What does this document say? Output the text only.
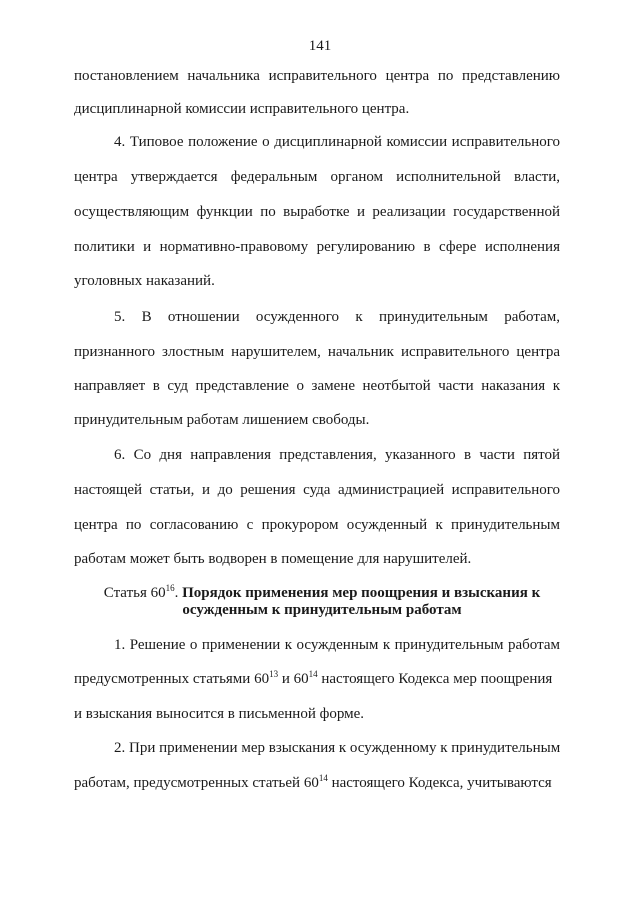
141
постановлением начальника исправительного центра по представлению
дисциплинарной комиссии исправительного центра.
4. Типовое положение о дисциплинарной комиссии исправительного
центра утверждается федеральным органом исполнительной власти,
осуществляющим функции по выработке и реализации государственной
политики и нормативно-правовому регулированию в сфере исполнения
уголовных наказаний.
5. В отношении осужденного к принудительным работам,
признанного злостным нарушителем, начальник исправительного центра
направляет в суд представление о замене неотбытой части наказания к
принудительным работам лишением свободы.
6. Со дня направления представления, указанного в части пятой
настоящей статьи, и до решения суда администрацией исправительного
центра по согласованию с прокурором осужденный к принудительным
работам может быть водворен в помещение для нарушителей.
Статья $60^{16}$. Порядок применения мер поощрения и взыскания к
осужденным к принудительным работам
1. Решение о применении к осужденным к принудительным работам
предусмотренных статьями $60^{13}$ и $60^{14}$ настоящего Кодекса мер поощрения
и взыскания выносится в письменной форме.
2. При применении мер взыскания к осужденному к принудительным
работам, предусмотренных статьей $60^{14}$ настоящего Кодекса, учитываются
